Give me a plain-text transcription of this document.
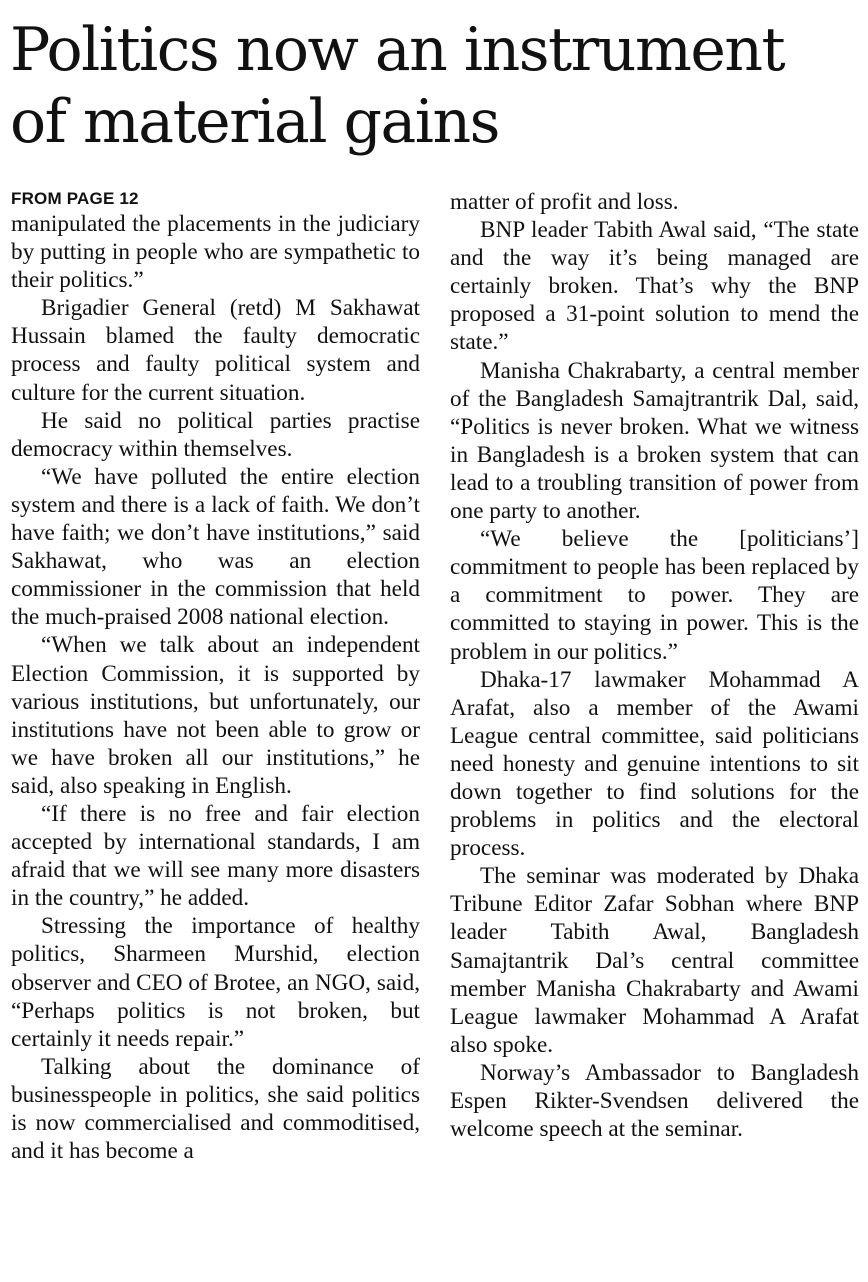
Politics now an instrument
of material gains
FROM PAGE 12

manipulated the placements in the judiciary by putting in people who are sympathetic to their politics.”

Brigadier General (retd) M Sakhawat Hussain blamed the faulty democratic process and faulty political system and culture for the current situation.

He said no political parties practise democracy within themselves.

“We have polluted the entire election system and there is a lack of faith. We don’t have faith; we don’t have institutions,” said Sakhawat, who was an election commissioner in the commission that held the much-praised 2008 national election.

“When we talk about an independent Election Commission, it is supported by various institutions, but unfortunately, our institutions have not been able to grow or we have broken all our institutions,” he said, also speaking in English.

“If there is no free and fair election accepted by international standards, I am afraid that we will see many more disasters in the country,” he added.

Stressing the importance of healthy politics, Sharmeen Murshid, election observer and CEO of Brotee, an NGO, said, “Perhaps politics is not broken, but certainly it needs repair.”

Talking about the dominance of businesspeople in politics, she said politics is now commercialised and commoditised, and it has become a

matter of profit and loss.

BNP leader Tabith Awal said, “The state and the way it’s being managed are certainly broken. That’s why the BNP proposed a 31-point solution to mend the state.”

Manisha Chakrabarty, a central member of the Bangladesh Samajtrantrik Dal, said, “Politics is never broken. What we witness in Bangladesh is a broken system that can lead to a troubling transition of power from one party to another.

“We believe the [politicians’] commitment to people has been replaced by a commitment to power. They are committed to staying in power. This is the problem in our politics.”

Dhaka-17 lawmaker Mohammad A Arafat, also a member of the Awami League central committee, said politicians need honesty and genuine intentions to sit down together to find solutions for the problems in politics and the electoral process.

The seminar was moderated by Dhaka Tribune Editor Zafar Sobhan where BNP leader Tabith Awal, Bangladesh Samajtantrik Dal’s central committee member Manisha Chakrabarty and Awami League lawmaker Mohammad A Arafat also spoke.

Norway’s Ambassador to Bangladesh Espen Rikter-Svendsen delivered the welcome speech at the seminar.
